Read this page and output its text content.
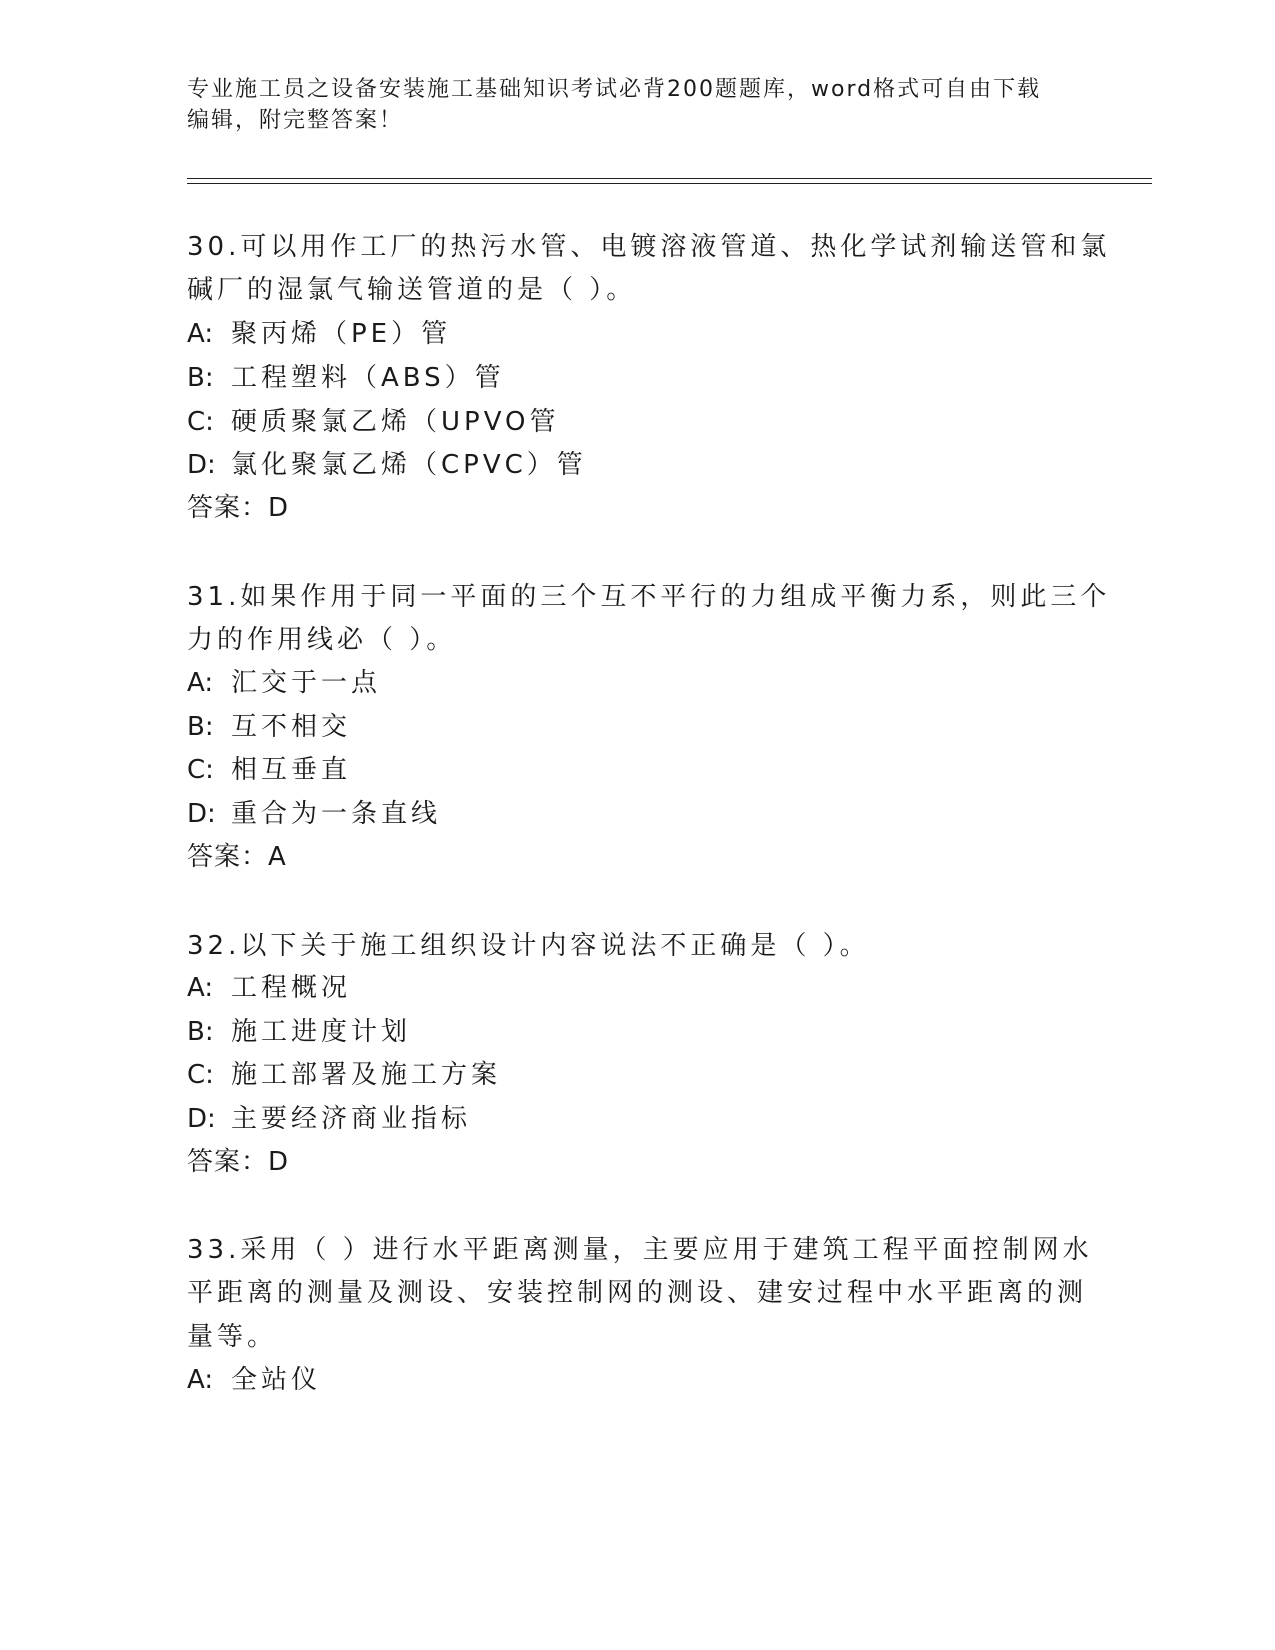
专业施工员之设备安装施工基础知识考试必背200题题库，word格式可自由下载
编辑，附完整答案！
30.可以用作工厂的热污水管、电镀溶液管道、热化学试剂输送管和氯
碱厂的湿氯气输送管道的是（ ）。
A: 聚丙烯（PE）管
B: 工程塑料（ABS）管
C: 硬质聚氯乙烯（UPVO管
D: 氯化聚氯乙烯（CPVC）管
答案：D
31.如果作用于同一平面的三个互不平行的力组成平衡力系，则此三个
力的作用线必（ ）。
A: 汇交于一点
B: 互不相交
C: 相互垂直
D: 重合为一条直线
答案：A
32.以下关于施工组织设计内容说法不正确是（ ）。
A: 工程概况
B: 施工进度计划
C: 施工部署及施工方案
D: 主要经济商业指标
答案：D
33.采用（ ）进行水平距离测量，主要应用于建筑工程平面控制网水
平距离的测量及测设、安装控制网的测设、建安过程中水平距离的测
量等。
A: 全站仪
